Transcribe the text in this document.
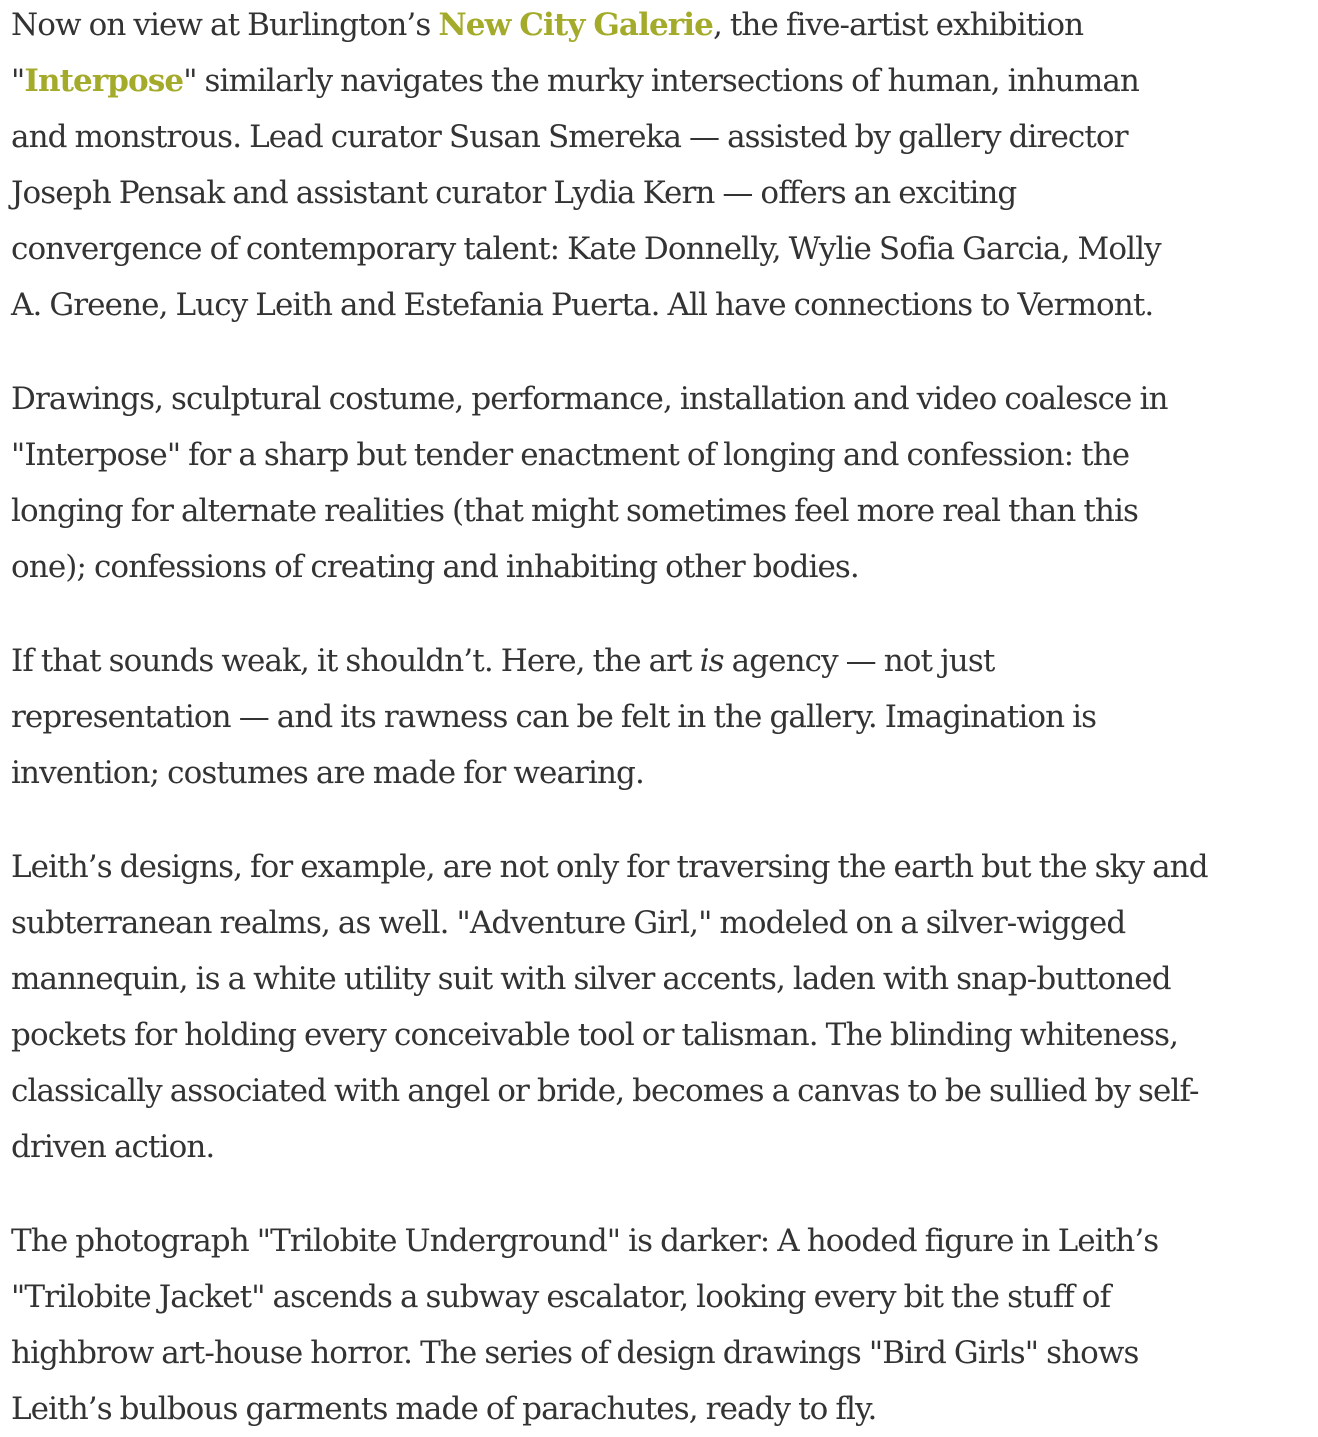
Now on view at Burlington’s New City Galerie, the five-artist exhibition
"Interpose" similarly navigates the murky intersections of human, inhuman
and monstrous. Lead curator Susan Smereka — assisted by gallery director
Joseph Pensak and assistant curator Lydia Kern — offers an exciting
convergence of contemporary talent: Kate Donnelly, Wylie Sofia Garcia, Molly
A. Greene, Lucy Leith and Estefania Puerta. All have connections to Vermont.

Drawings, sculptural costume, performance, installation and video coalesce in
"Interpose" for a sharp but tender enactment of longing and confession: the
longing for alternate realities (that might sometimes feel more real than this
one); confessions of creating and inhabiting other bodies.

If that sounds weak, it shouldn’t. Here, the art is agency — not just
representation — and its rawness can be felt in the gallery. Imagination is
invention; costumes are made for wearing.

Leith’s designs, for example, are not only for traversing the earth but the sky and
subterranean realms, as well. "Adventure Girl," modeled on a silver-wigged
mannequin, is a white utility suit with silver accents, laden with snap-buttoned
pockets for holding every conceivable tool or talisman. The blinding whiteness,
classically associated with angel or bride, becomes a canvas to be sullied by self-
driven action.

The photograph "Trilobite Underground" is darker: A hooded figure in Leith’s
"Trilobite Jacket" ascends a subway escalator, looking every bit the stuff of
highbrow art-house horror. The series of design drawings "Bird Girls" shows
Leith’s bulbous garments made of parachutes, ready to fly.
